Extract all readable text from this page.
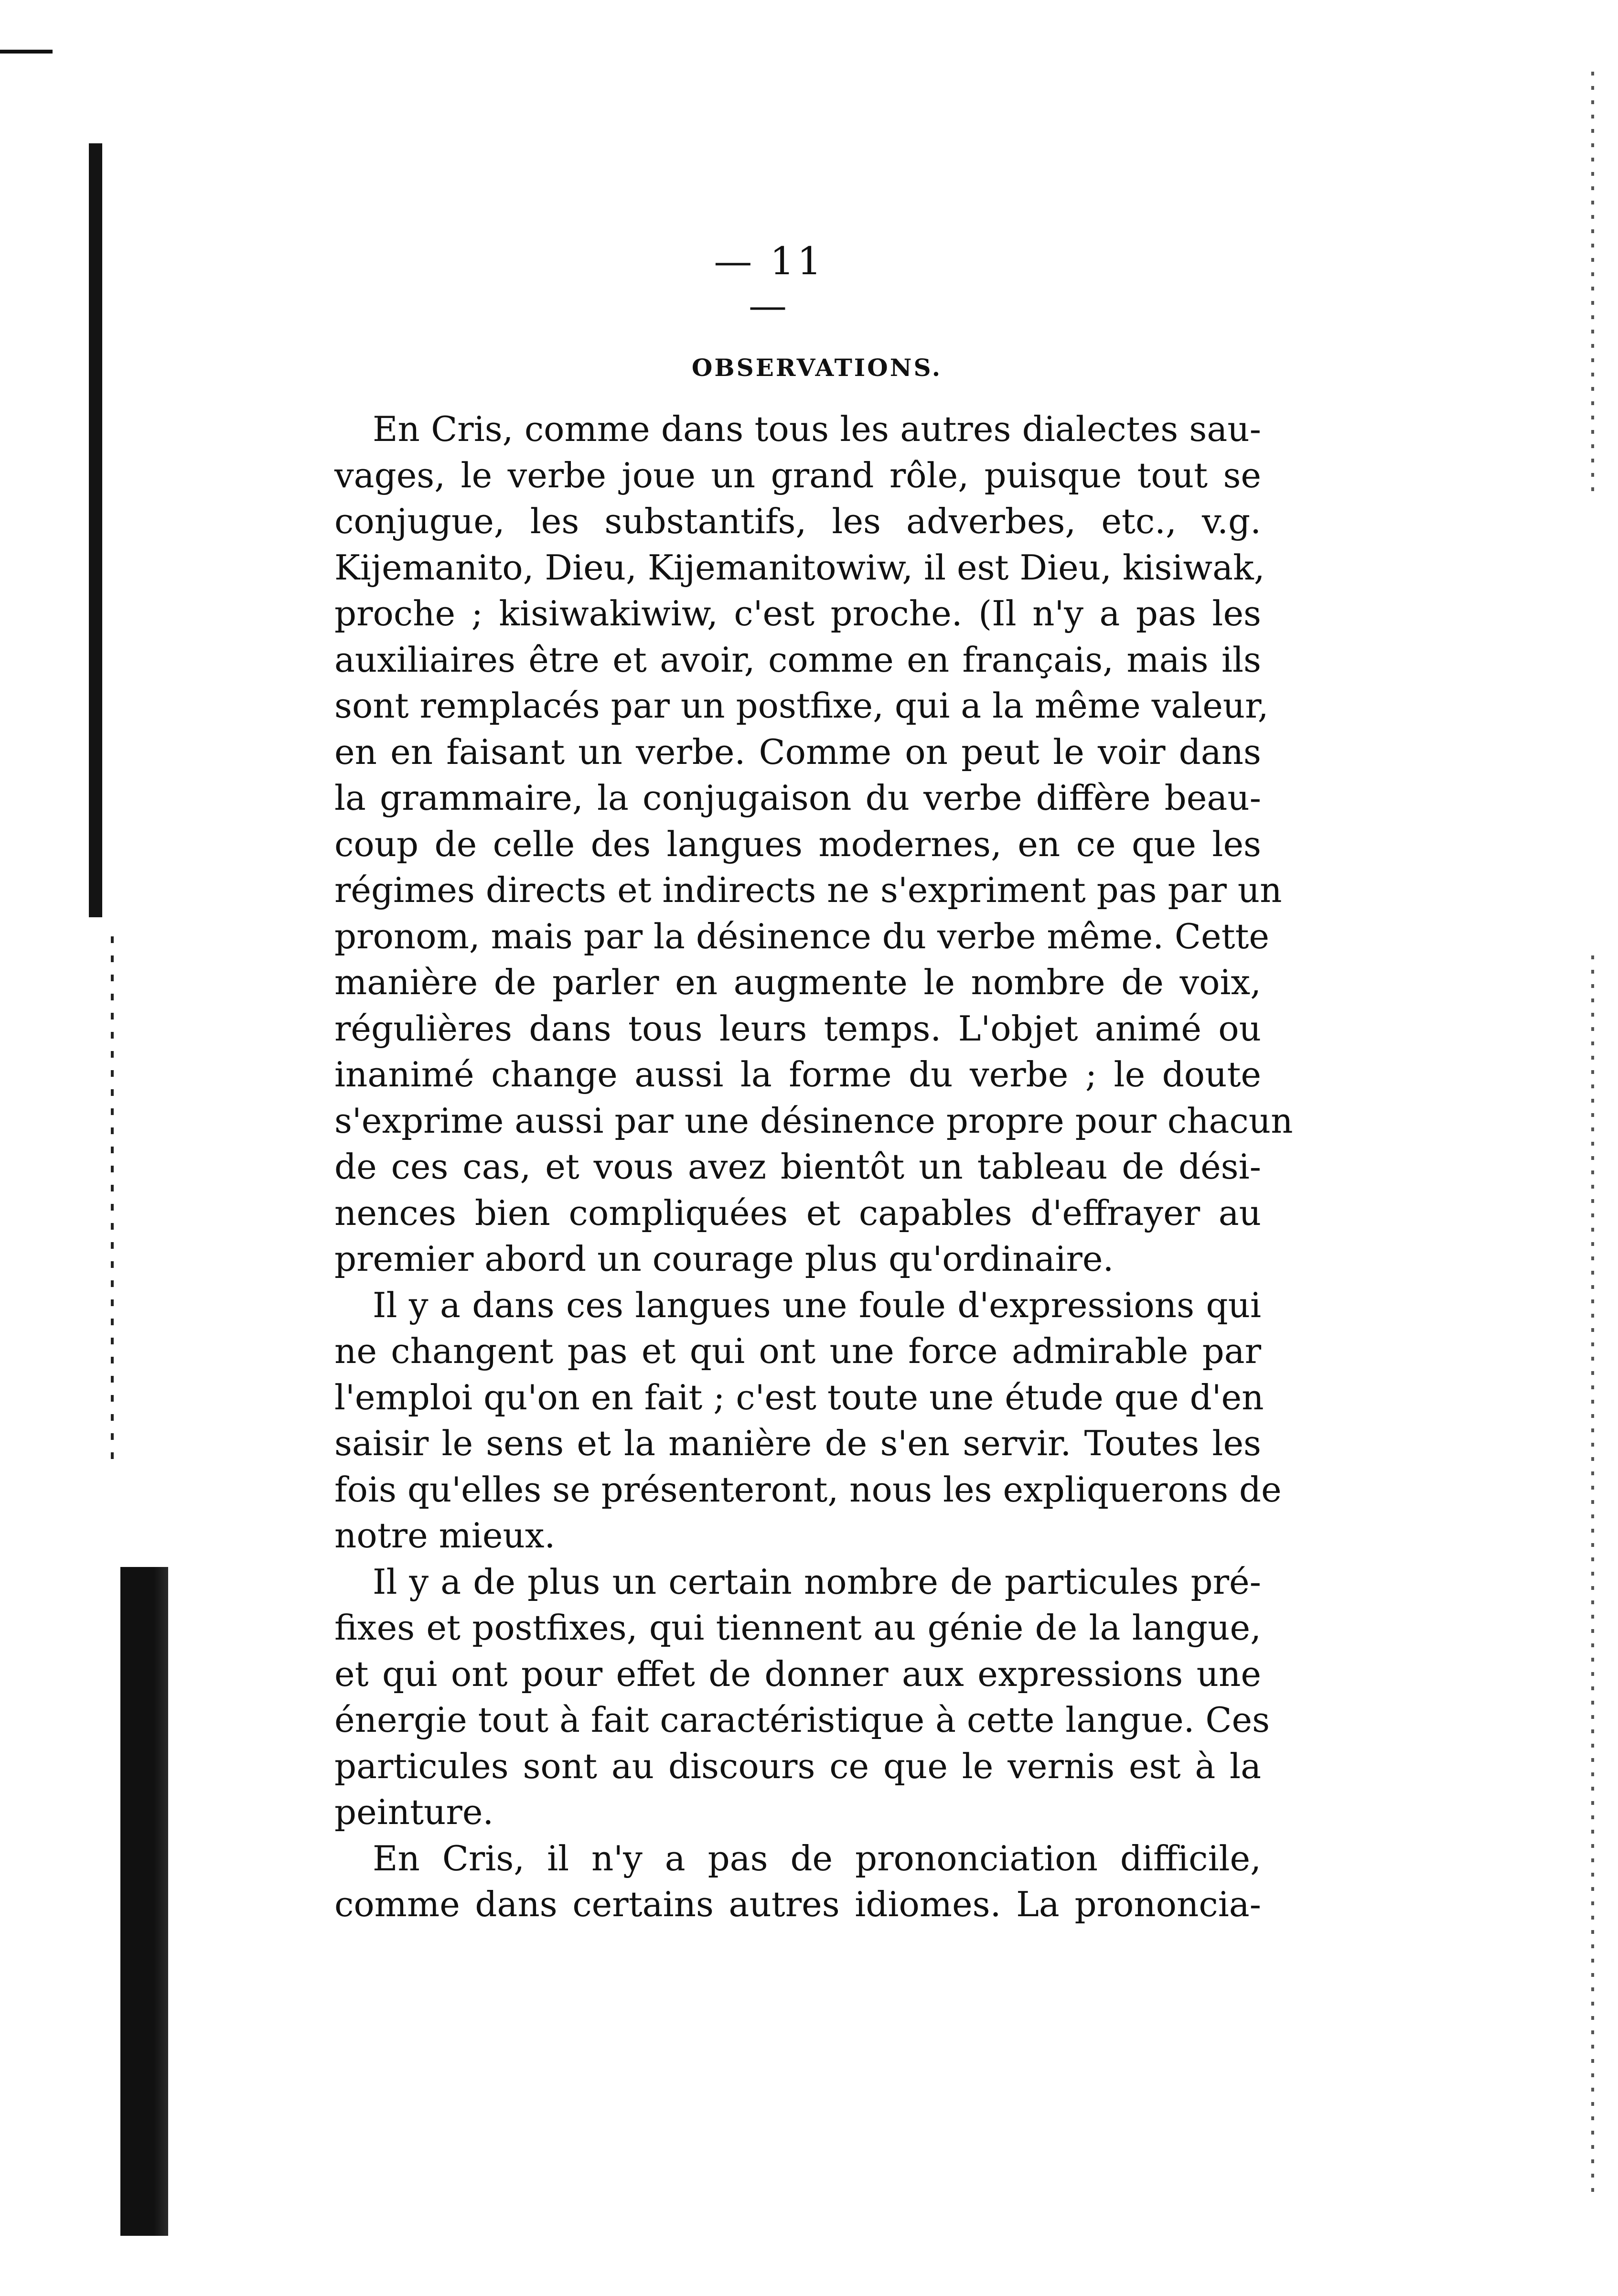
— 11 —
OBSERVATIONS.
En Cris, comme dans tous les autres dialectes sau-
vages, le verbe joue un grand rôle, puisque tout se
conjugue, les substantifs, les adverbes, etc., v.g.
Kijemanito, Dieu, Kijemanitowiw, il est Dieu, kisiwak,
proche ; kisiwakiwiw, c'est proche. (Il n'y a pas les
auxiliaires être et avoir, comme en français, mais ils
sont remplacés par un postfixe, qui a la même valeur,
en en faisant un verbe. Comme on peut le voir dans
la grammaire, la conjugaison du verbe diffère beau-
coup de celle des langues modernes, en ce que les
régimes directs et indirects ne s'expriment pas par un
pronom, mais par la désinence du verbe même. Cette
manière de parler en augmente le nombre de voix,
régulières dans tous leurs temps. L'objet animé ou
inanimé change aussi la forme du verbe ; le doute
s'exprime aussi par une désinence propre pour chacun
de ces cas, et vous avez bientôt un tableau de dési-
nences bien compliquées et capables d'effrayer au
premier abord un courage plus qu'ordinaire.
Il y a dans ces langues une foule d'expressions qui
ne changent pas et qui ont une force admirable par
l'emploi qu'on en fait ; c'est toute une étude que d'en
saisir le sens et la manière de s'en servir. Toutes les
fois qu'elles se présenteront, nous les expliquerons de
notre mieux.
Il y a de plus un certain nombre de particules pré-
fixes et postfixes, qui tiennent au génie de la langue,
et qui ont pour effet de donner aux expressions une
énergie tout à fait caractéristique à cette langue. Ces
particules sont au discours ce que le vernis est à la
peinture.
En Cris, il n'y a pas de prononciation difficile,
comme dans certains autres idiomes. La prononcia-
